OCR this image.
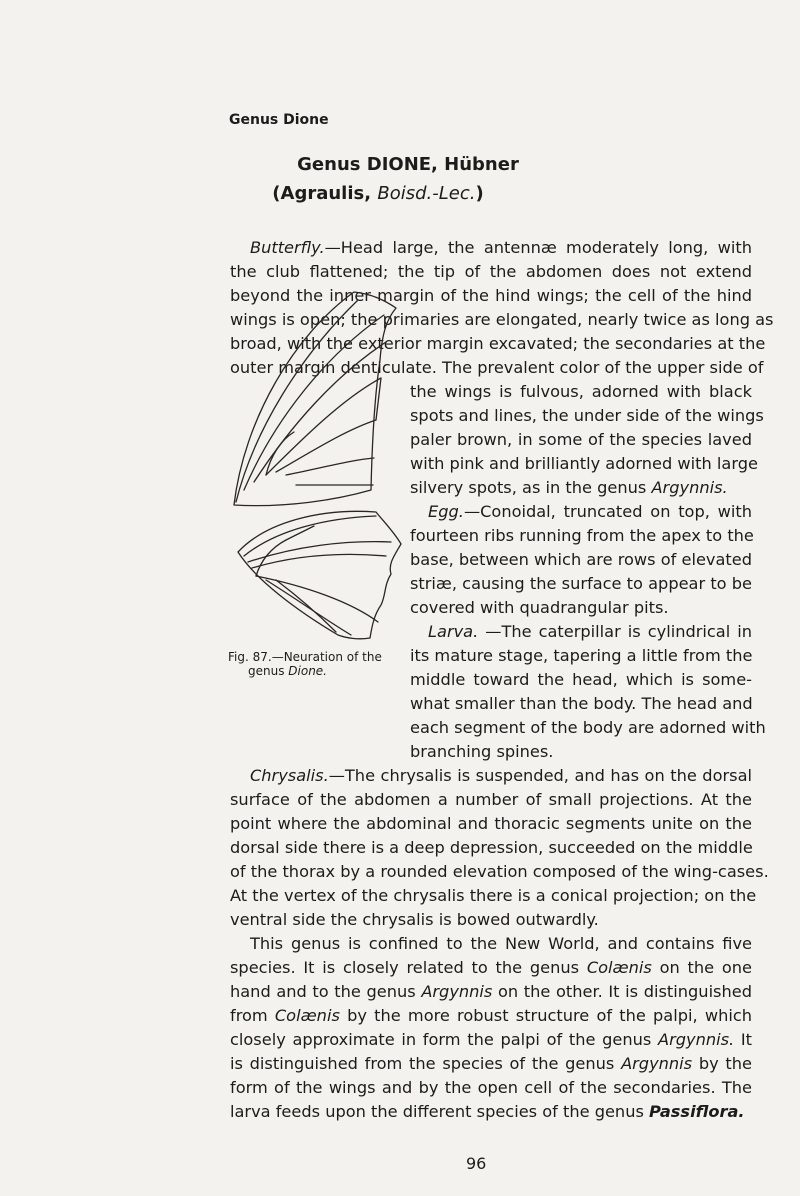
Genus Dione
Genus DIONE, Hübner
(Agraulis, Boisd.-Lec.)
Butterfly.—Head large, the antennæ moderately long, with
the club flattened; the tip of the abdomen does not extend
beyond the inner margin of the hind wings; the cell of the hind
wings is open; the primaries are elongated, nearly twice as long as
broad, with the exterior margin excavated; the secondaries at the
outer margin denticulate. The prevalent color of the upper side of
the wings is fulvous, adorned with black
spots and lines, the under side of the wings
paler brown, in some of the species laved
with pink and brilliantly adorned with large
silvery spots, as in the genus Argynnis.
Egg.—Conoidal, truncated on top, with
fourteen ribs running from the apex to the
base, between which are rows of elevated
striæ, causing the surface to appear to be
covered with quadrangular pits.
Larva. —The caterpillar is cylindrical in
its mature stage, tapering a little from the
middle toward the head, which is some-
what smaller than the body. The head and
each segment of the body are adorned with
branching spines.
Fig. 87.—Neuration of the
genus Dione.
Chrysalis.—The chrysalis is suspended, and has on the dorsal
surface of the abdomen a number of small projections. At the
point where the abdominal and thoracic segments unite on the
dorsal side there is a deep depression, succeeded on the middle
of the thorax by a rounded elevation composed of the wing-cases.
At the vertex of the chrysalis there is a conical projection; on the
ventral side the chrysalis is bowed outwardly.
This genus is confined to the New World, and contains five
species. It is closely related to the genus Colænis on the one
hand and to the genus Argynnis on the other. It is distinguished
from Colænis by the more robust structure of the palpi, which
closely approximate in form the palpi of the genus Argynnis. It
is distinguished from the species of the genus Argynnis by the
form of the wings and by the open cell of the secondaries. The
larva feeds upon the different species of the genus Passiflora.
96
